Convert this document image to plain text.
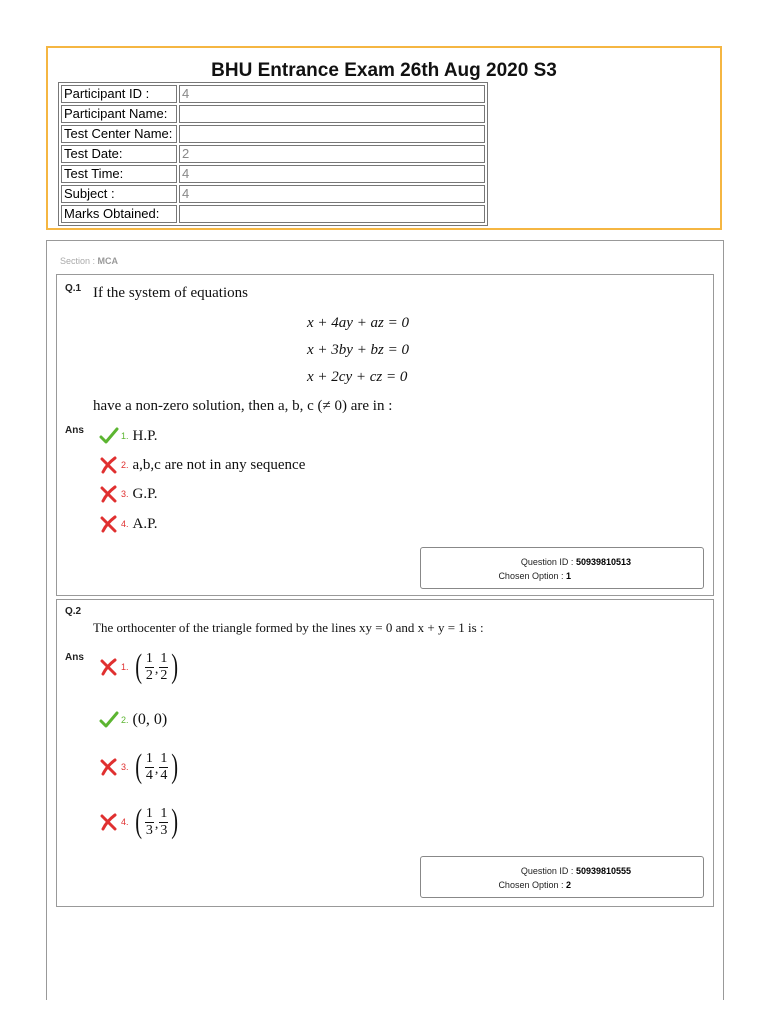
BHU Entrance Exam 26th Aug 2020 S3
Participant ID :	4
Participant Name:	
Test Center Name:	
Test Date:	2
Test Time:	4
Subject :	4
Marks Obtained:	
Section : MCA
Q.1 If the system of equations
x + 4ay + az = 0
x + 3by + bz = 0
x + 2cy + cz = 0
have a non-zero solution, then a, b, c (≠ 0) are in :
Ans	1. H.P.
2. a,b,c are not in any sequence
3. G.P.
4. A.P.
Question ID : 50939810513
Chosen Option : 1
Q.2
The orthocenter of the triangle formed by the lines xy = 0 and x + y = 1 is :
Ans
1. ( $\frac{1}{2}$ , $\frac{1}{2}$ )
2. (0, 0)
3. ( $\frac{1}{4}$ , $\frac{1}{4}$ )
4. ( $\frac{1}{3}$ , $\frac{1}{3}$ )
Question ID : 50939810555
Chosen Option : 2
